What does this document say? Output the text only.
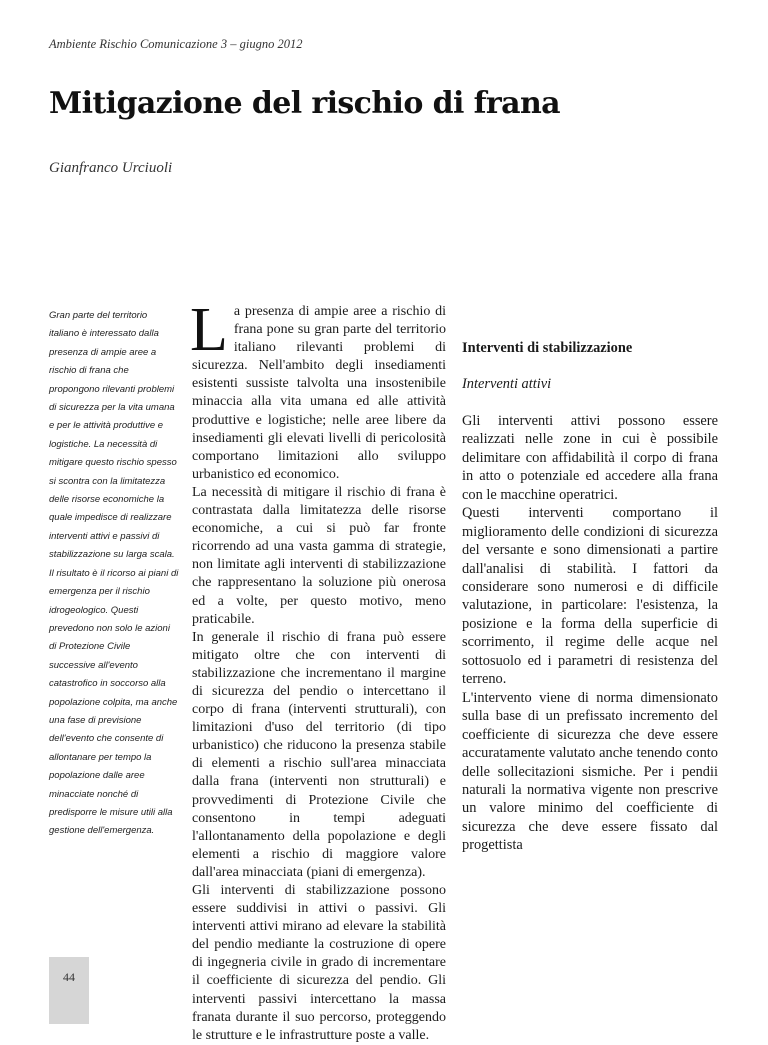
Ambiente Rischio Comunicazione 3 – giugno 2012
Mitigazione del rischio di frana
Gianfranco Urciuoli

Gran parte del territorio italiano è interessato dalla presenza di ampie aree a rischio di frana che propongono rilevanti problemi di sicurezza per la vita umana e per le attività produttive e logistiche. La necessità di mitigare questo rischio spesso si scontra con la limitatezza delle risorse economiche la quale impedisce di realizzare interventi attivi e passivi di stabilizzazione su larga scala. Il risultato è il ricorso ai piani di emergenza per il rischio idrogeologico. Questi prevedono non solo le azioni di Protezione Civile successive all'evento catastrofico in soccorso alla popolazione colpita, ma anche una fase di previsione dell'evento che consente di allontanare per tempo la popolazione dalle aree minacciate nonché di predisporre le misure utili alla gestione dell'emergenza.

La presenza di ampie aree a rischio di frana pone su gran parte del territorio italiano rilevanti problemi di sicurezza. Nell'ambito degli insediamenti esistenti sussiste talvolta una insostenibile minaccia alla vita umana ed alle attività produttive e logistiche; nelle aree libere da insediamenti gli elevati livelli di pericolosità comportano limitazioni allo sviluppo urbanistico ed economico.

La necessità di mitigare il rischio di frana è contrastata dalla limitatezza delle risorse economiche, a cui si può far fronte ricorrendo ad una vasta gamma di strategie, non limitate agli interventi di stabilizzazione che rappresentano la soluzione più onerosa ed a volte, per questo motivo, meno praticabile.

In generale il rischio di frana può essere mitigato oltre che con interventi di stabilizzazione che incrementano il margine di sicurezza del pendio o intercettano il corpo di frana (interventi strutturali), con limitazioni d'uso del territorio (di tipo urbanistico) che riducono la presenza stabile di elementi a rischio sull'area minacciata dalla frana (interventi non strutturali) e provvedimenti di Protezione Civile che consentono in tempi adeguati l'allontanamento della popolazione e degli elementi a rischio di maggiore valore dall'area minacciata (piani di emergenza).

Gli interventi di stabilizzazione possono essere suddivisi in attivi o passivi. Gli interventi attivi mirano ad elevare la stabilità del pendio mediante la costruzione di opere di ingegneria civile in grado di incrementare il coefficiente di sicurezza del pendio. Gli interventi passivi intercettano la massa franata durante il suo percorso, proteggendo le strutture e le infrastrutture poste a valle.

Interventi di stabilizzazione

Interventi attivi

Gli interventi attivi possono essere realizzati nelle zone in cui è possibile delimitare con affidabilità il corpo di frana in atto o potenziale ed accedere alla frana con le macchine operatrici.

Questi interventi comportano il miglioramento delle condizioni di sicurezza del versante e sono dimensionati a partire dall'analisi di stabilità. I fattori da considerare sono numerosi e di difficile valutazione, in particolare: l'esistenza, la posizione e la forma della superficie di scorrimento, il regime delle acque nel sottosuolo ed i parametri di resistenza del terreno.

L'intervento viene di norma dimensionato sulla base di un prefissato incremento del coefficiente di sicurezza che deve essere accuratamente valutato anche tenendo conto delle sollecitazioni sismiche. Per i pendii naturali la normativa vigente non prescrive un valore minimo del coefficiente di sicurezza che deve essere fissato dal progettista

44
